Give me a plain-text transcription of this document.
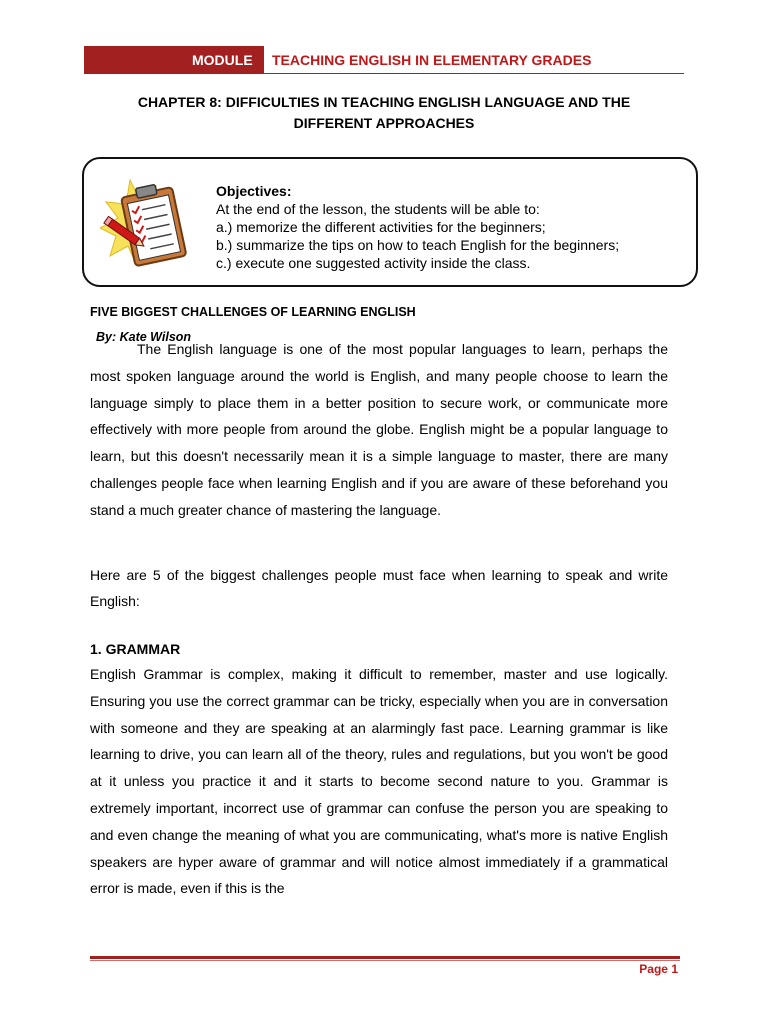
MODULE TEACHING ENGLISH IN ELEMENTARY GRADES
CHAPTER 8: DIFFICULTIES IN TEACHING ENGLISH LANGUAGE AND THE
DIFFERENT APPROACHES
Objectives:
At the end of the lesson, the students will be able to:
a.) memorize the different activities for the beginners;
b.) summarize the tips on how to teach English for the beginners;
c.) execute one suggested activity inside the class.
FIVE BIGGEST CHALLENGES OF LEARNING ENGLISH
By: Kate Wilson

The English language is one of the most popular languages to learn, perhaps the most spoken language around the world is English, and many people choose to learn the language simply to place them in a better position to secure work, or communicate more effectively with more people from around the globe. English might be a popular language to learn, but this doesn't necessarily mean it is a simple language to master, there are many challenges people face when learning English and if you are aware of these beforehand you stand a much greater chance of mastering the language.

Here are 5 of the biggest challenges people must face when learning to speak and write English:

1. GRAMMAR

English Grammar is complex, making it difficult to remember, master and use logically. Ensuring you use the correct grammar can be tricky, especially when you are in conversation with someone and they are speaking at an alarmingly fast pace. Learning grammar is like learning to drive, you can learn all of the theory, rules and regulations, but you won't be good at it unless you practice it and it starts to become second nature to you. Grammar is extremely important, incorrect use of grammar can confuse the person you are speaking to and even change the meaning of what you are communicating, what's more is native English speakers are hyper aware of grammar and will notice almost immediately if a grammatical error is made, even if this is the

Page 1
